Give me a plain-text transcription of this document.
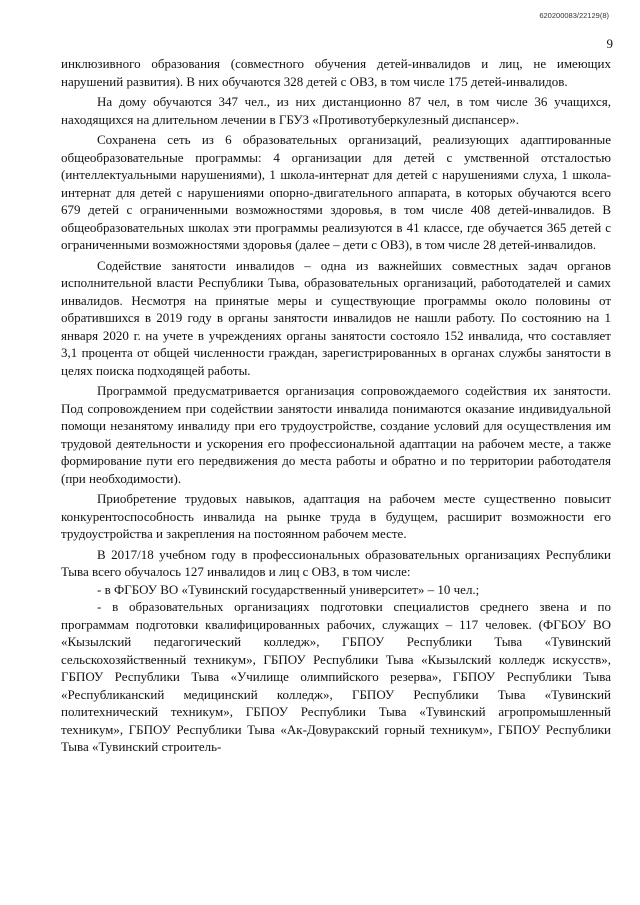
620200083/22129(8)
9

инклюзивного образования (совместного обучения детей-инвалидов и лиц, не имеющих нарушений развития). В них обучаются 328 детей с ОВЗ, в том числе 175 детей-инвалидов.

На дому обучаются 347 чел., из них дистанционно 87 чел, в том числе 36 учащихся, находящихся на длительном лечении в ГБУЗ «Противотуберкулезный диспансер».

Сохранена сеть из 6 образовательных организаций, реализующих адаптированные общеобразовательные программы: 4 организации для детей с умственной отсталостью (интеллектуальными нарушениями), 1 школа-интернат для детей с нарушениями слуха, 1 школа-интернат для детей с нарушениями опорно-двигательного аппарата, в которых обучаются всего 679 детей с ограниченными возможностями здоровья, в том числе 408 детей-инвалидов. В общеобразовательных школах эти программы реализуются в 41 классе, где обучается 365 детей с ограниченными возможностями здоровья (далее – дети с ОВЗ), в том числе 28 детей-инвалидов.

Содействие занятости инвалидов – одна из важнейших совместных задач органов исполнительной власти Республики Тыва, образовательных организаций, работодателей и самих инвалидов. Несмотря на принятые меры и существующие программы около половины от обратившихся в 2019 году в органы занятости инвалидов не нашли работу. По состоянию на 1 января 2020 г. на учете в учреждениях органы занятости состояло 152 инвалида, что составляет 3,1 процента от общей численности граждан, зарегистрированных в органах службы занятости в целях поиска подходящей работы.

Программой предусматривается организация сопровождаемого содействия их занятости. Под сопровождением при содействии занятости инвалида понимаются оказание индивидуальной помощи незанятому инвалиду при его трудоустройстве, создание условий для осуществления им трудовой деятельности и ускорения его профессиональной адаптации на рабочем месте, а также формирование пути его передвижения до места работы и обратно и по территории работодателя (при необходимости).

Приобретение трудовых навыков, адаптация на рабочем месте существенно повысит конкурентоспособность инвалида на рынке труда в будущем, расширит возможности его трудоустройства и закрепления на постоянном рабочем месте.

В 2017/18 учебном году в профессиональных образовательных организациях Республики Тыва всего обучалось 127 инвалидов и лиц с ОВЗ, в том числе:

- в ФГБОУ ВО «Тувинский государственный университет» – 10 чел.;

- в образовательных организациях подготовки специалистов среднего звена и по программам подготовки квалифицированных рабочих, служащих – 117 человек. (ФГБОУ ВО «Кызылский педагогический колледж», ГБПОУ Республики Тыва «Тувинский сельскохозяйственный техникум», ГБПОУ Республики Тыва «Кызылский колледж искусств», ГБПОУ Республики Тыва «Училище олимпийского резерва», ГБПОУ Республики Тыва «Республиканский медицинский колледж», ГБПОУ Республики Тыва «Тувинский политехнический техникум», ГБПОУ Республики Тыва «Тувинский агропромышленный техникум», ГБПОУ Республики Тыва «Ак-Довуракский горный техникум», ГБПОУ Республики Тыва «Тувинский строитель-
